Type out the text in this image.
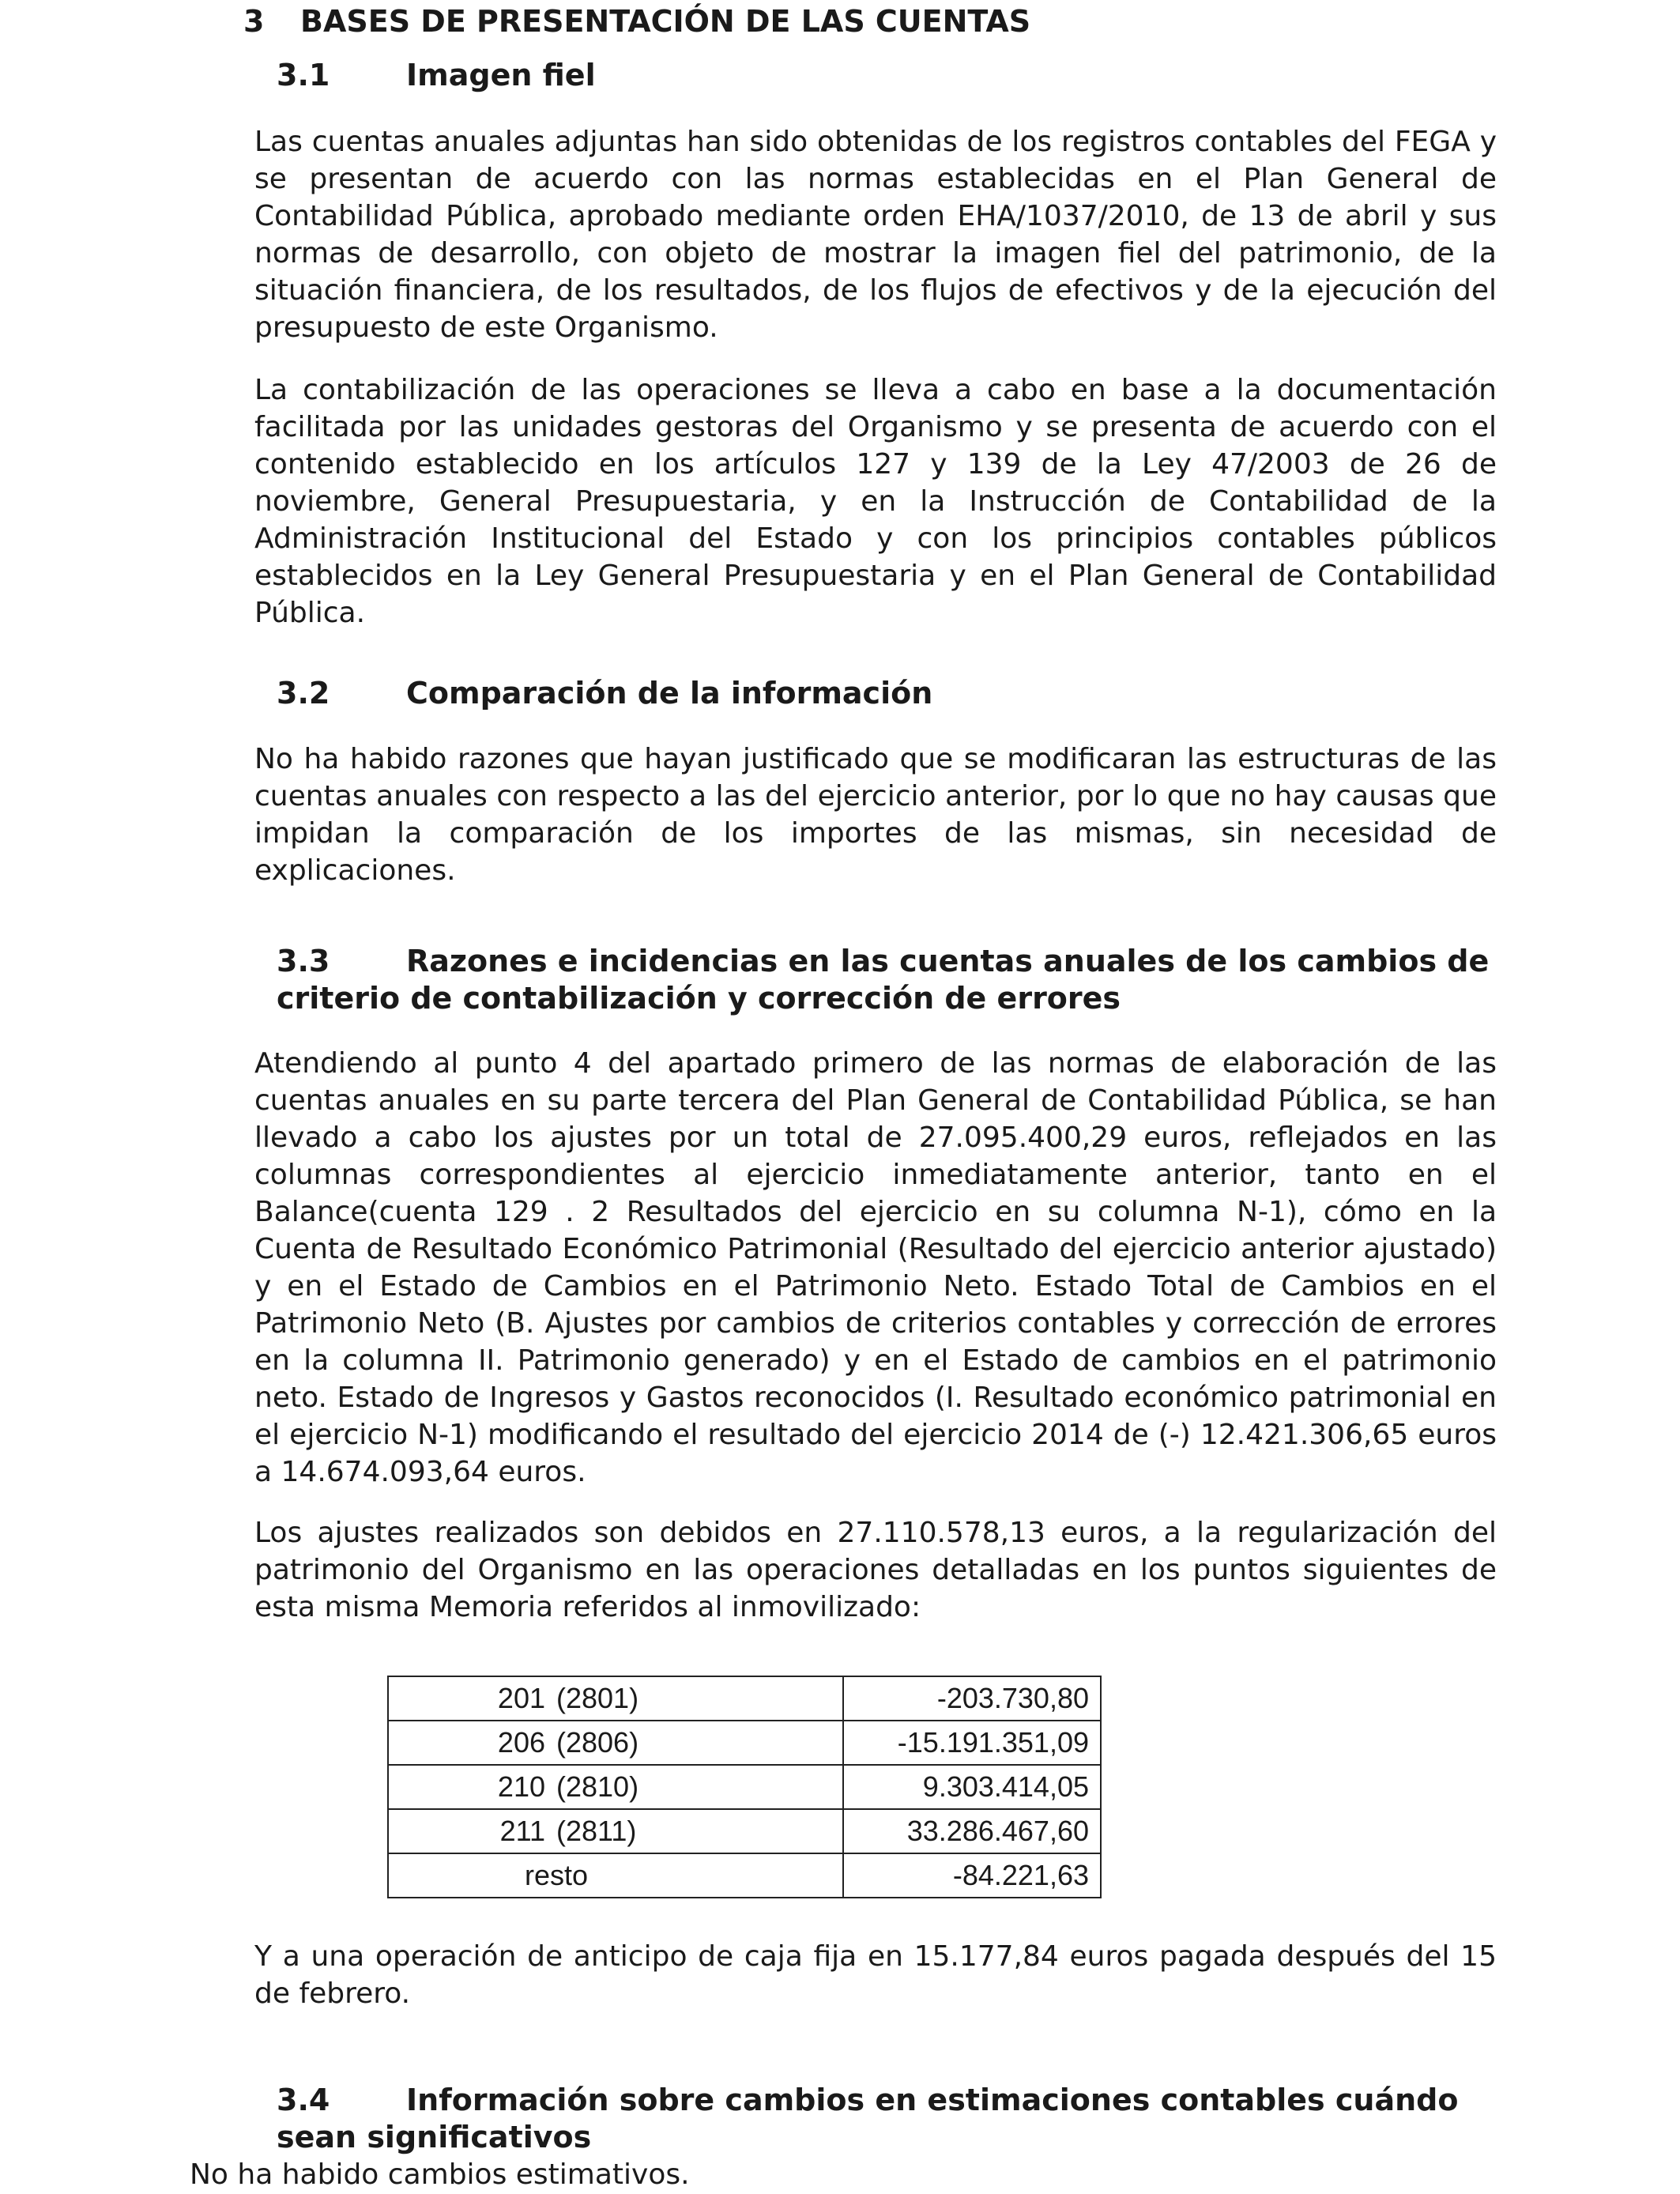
3 BASES DE PRESENTACIÓN DE LAS CUENTAS
3.1	Imagen fiel

Las cuentas anuales adjuntas han sido obtenidas de los registros contables del FEGA y se presentan de acuerdo con las normas establecidas en el Plan General de Contabilidad Pública, aprobado mediante orden EHA/1037/2010, de 13 de abril y sus normas de desarrollo, con objeto de mostrar la imagen fiel del patrimonio, de la situación financiera, de los resultados, de los flujos de efectivos y de la ejecución del presupuesto de este Organismo.

La contabilización de las operaciones se lleva a cabo en base a la documentación facilitada por las unidades gestoras del Organismo y se presenta de acuerdo con el contenido establecido en los artículos 127 y 139 de la Ley 47/2003 de 26 de noviembre, General Presupuestaria, y en la Instrucción de Contabilidad de la Administración Institucional del Estado y con los principios contables públicos establecidos en la Ley General Presupuestaria y en el Plan General de Contabilidad Pública.

3.2	Comparación de la información

No ha habido razones que hayan justificado que se modificaran las estructuras de las cuentas anuales con respecto a las del ejercicio anterior, por lo que no hay causas que impidan la comparación de los importes de las mismas, sin necesidad de explicaciones.

3.3	Razones e incidencias en las cuentas anuales de los cambios de criterio de contabilización y corrección de errores

Atendiendo al punto 4 del apartado primero de las normas de elaboración de las cuentas anuales en su parte tercera del Plan General de Contabilidad Pública, se han llevado a cabo los ajustes por un total de 27.095.400,29 euros, reflejados en las columnas correspondientes al ejercicio inmediatamente anterior, tanto en el Balance(cuenta 129 . 2 Resultados del ejercicio en su columna N-1), cómo en la Cuenta de Resultado Económico Patrimonial (Resultado del ejercicio anterior ajustado) y en el Estado de Cambios en el Patrimonio Neto. Estado Total de Cambios en el Patrimonio Neto (B. Ajustes por cambios de criterios contables y corrección de errores en la columna II. Patrimonio generado) y en el Estado de cambios en el patrimonio neto. Estado de Ingresos y Gastos reconocidos (I. Resultado económico patrimonial en el ejercicio N-1) modificando el resultado del ejercicio 2014 de (-) 12.421.306,65 euros a 14.674.093,64 euros.

Los ajustes realizados son debidos en 27.110.578,13 euros, a la regularización del patrimonio del Organismo en las operaciones detalladas en los puntos siguientes de esta misma Memoria referidos al inmovilizado:

201 (2801)	-203.730,80
206 (2806)	-15.191.351,09
210 (2810)	9.303.414,05
211 (2811)	33.286.467,60
resto	-84.221,63

Y a una operación de anticipo de caja fija en 15.177,84 euros pagada después del 15 de febrero.

3.4	Información sobre cambios en estimaciones contables cuándo sean significativos
No ha habido cambios estimativos.
